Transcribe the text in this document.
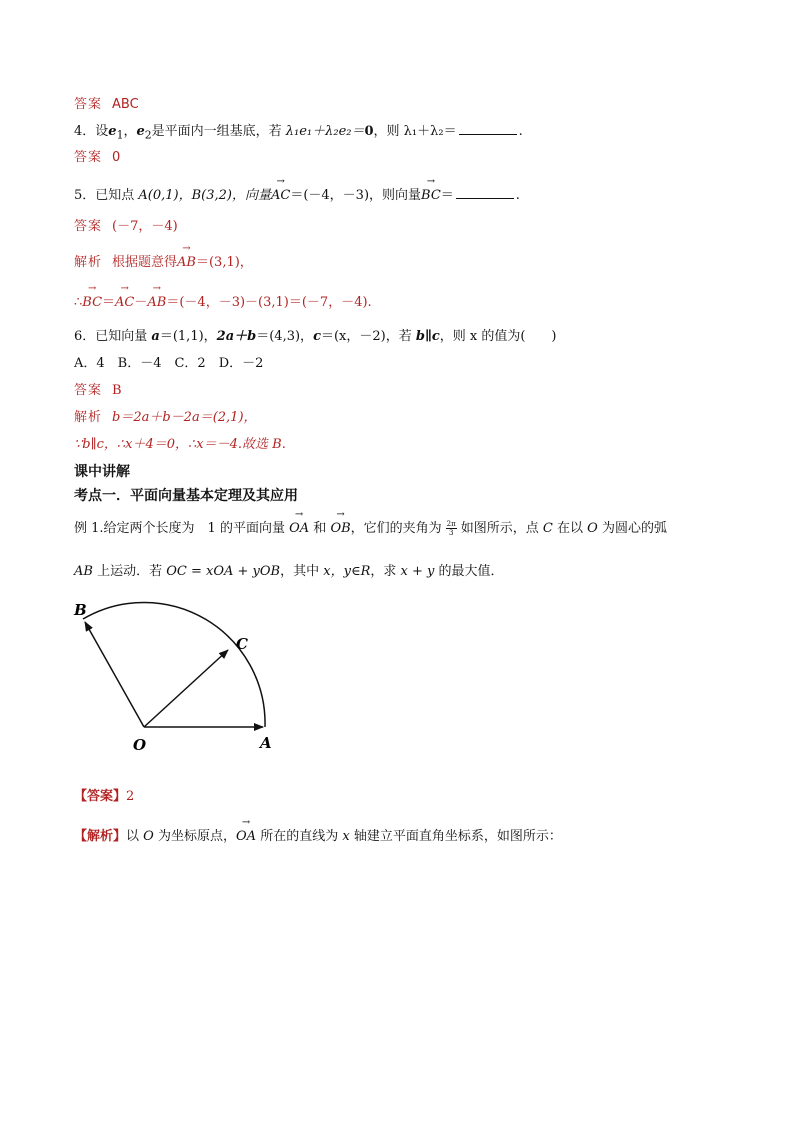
答案 ABC
4．设$e_1$，$e_2$是平面内一组基底，若 λ₁e₁＋λ₂e₂＝0，则 λ₁＋λ₂＝	.
答案 0
5．已知点 A(0,1)，B(3,2)，向量→ AC＝(－4，－3)，则向量→ BC＝	.
答案 (－7，－4)
解析 根据题意得→ AB＝(3,1)，
∴→ BC＝→ AC－→ AB＝(－4，－3)－(3,1)＝(－7，－4).
6．已知向量 a＝(1,1)，2a＋b＝(4,3)，c＝(x，－2)，若 b∥c，则 x 的值为(　　)
A．4　B．－4　C．2　D．－2
答案 B
解析 b＝2a＋b－2a＝(2,1)，
∵b∥c，∴x＋4＝0，∴x＝－4.故选 B.
课中讲解
考点一．平面向量基本定理及其应用
例 1.给定两个长度为　1 的平面向量 → OA 和 → OB，它们的夹角为 $\frac{2\pi}{3}$ 如图所示，点 C 在以 O 为圆心的弧
AB 上运动．若 OC = xOA + yOB，其中 x，y∈R，求 x + y 的最大值．
B
C
O	A
【答案】2
【解析】以 O 为坐标原点，→ OA 所在的直线为 x 轴建立平面直角坐标系，如图所示：
